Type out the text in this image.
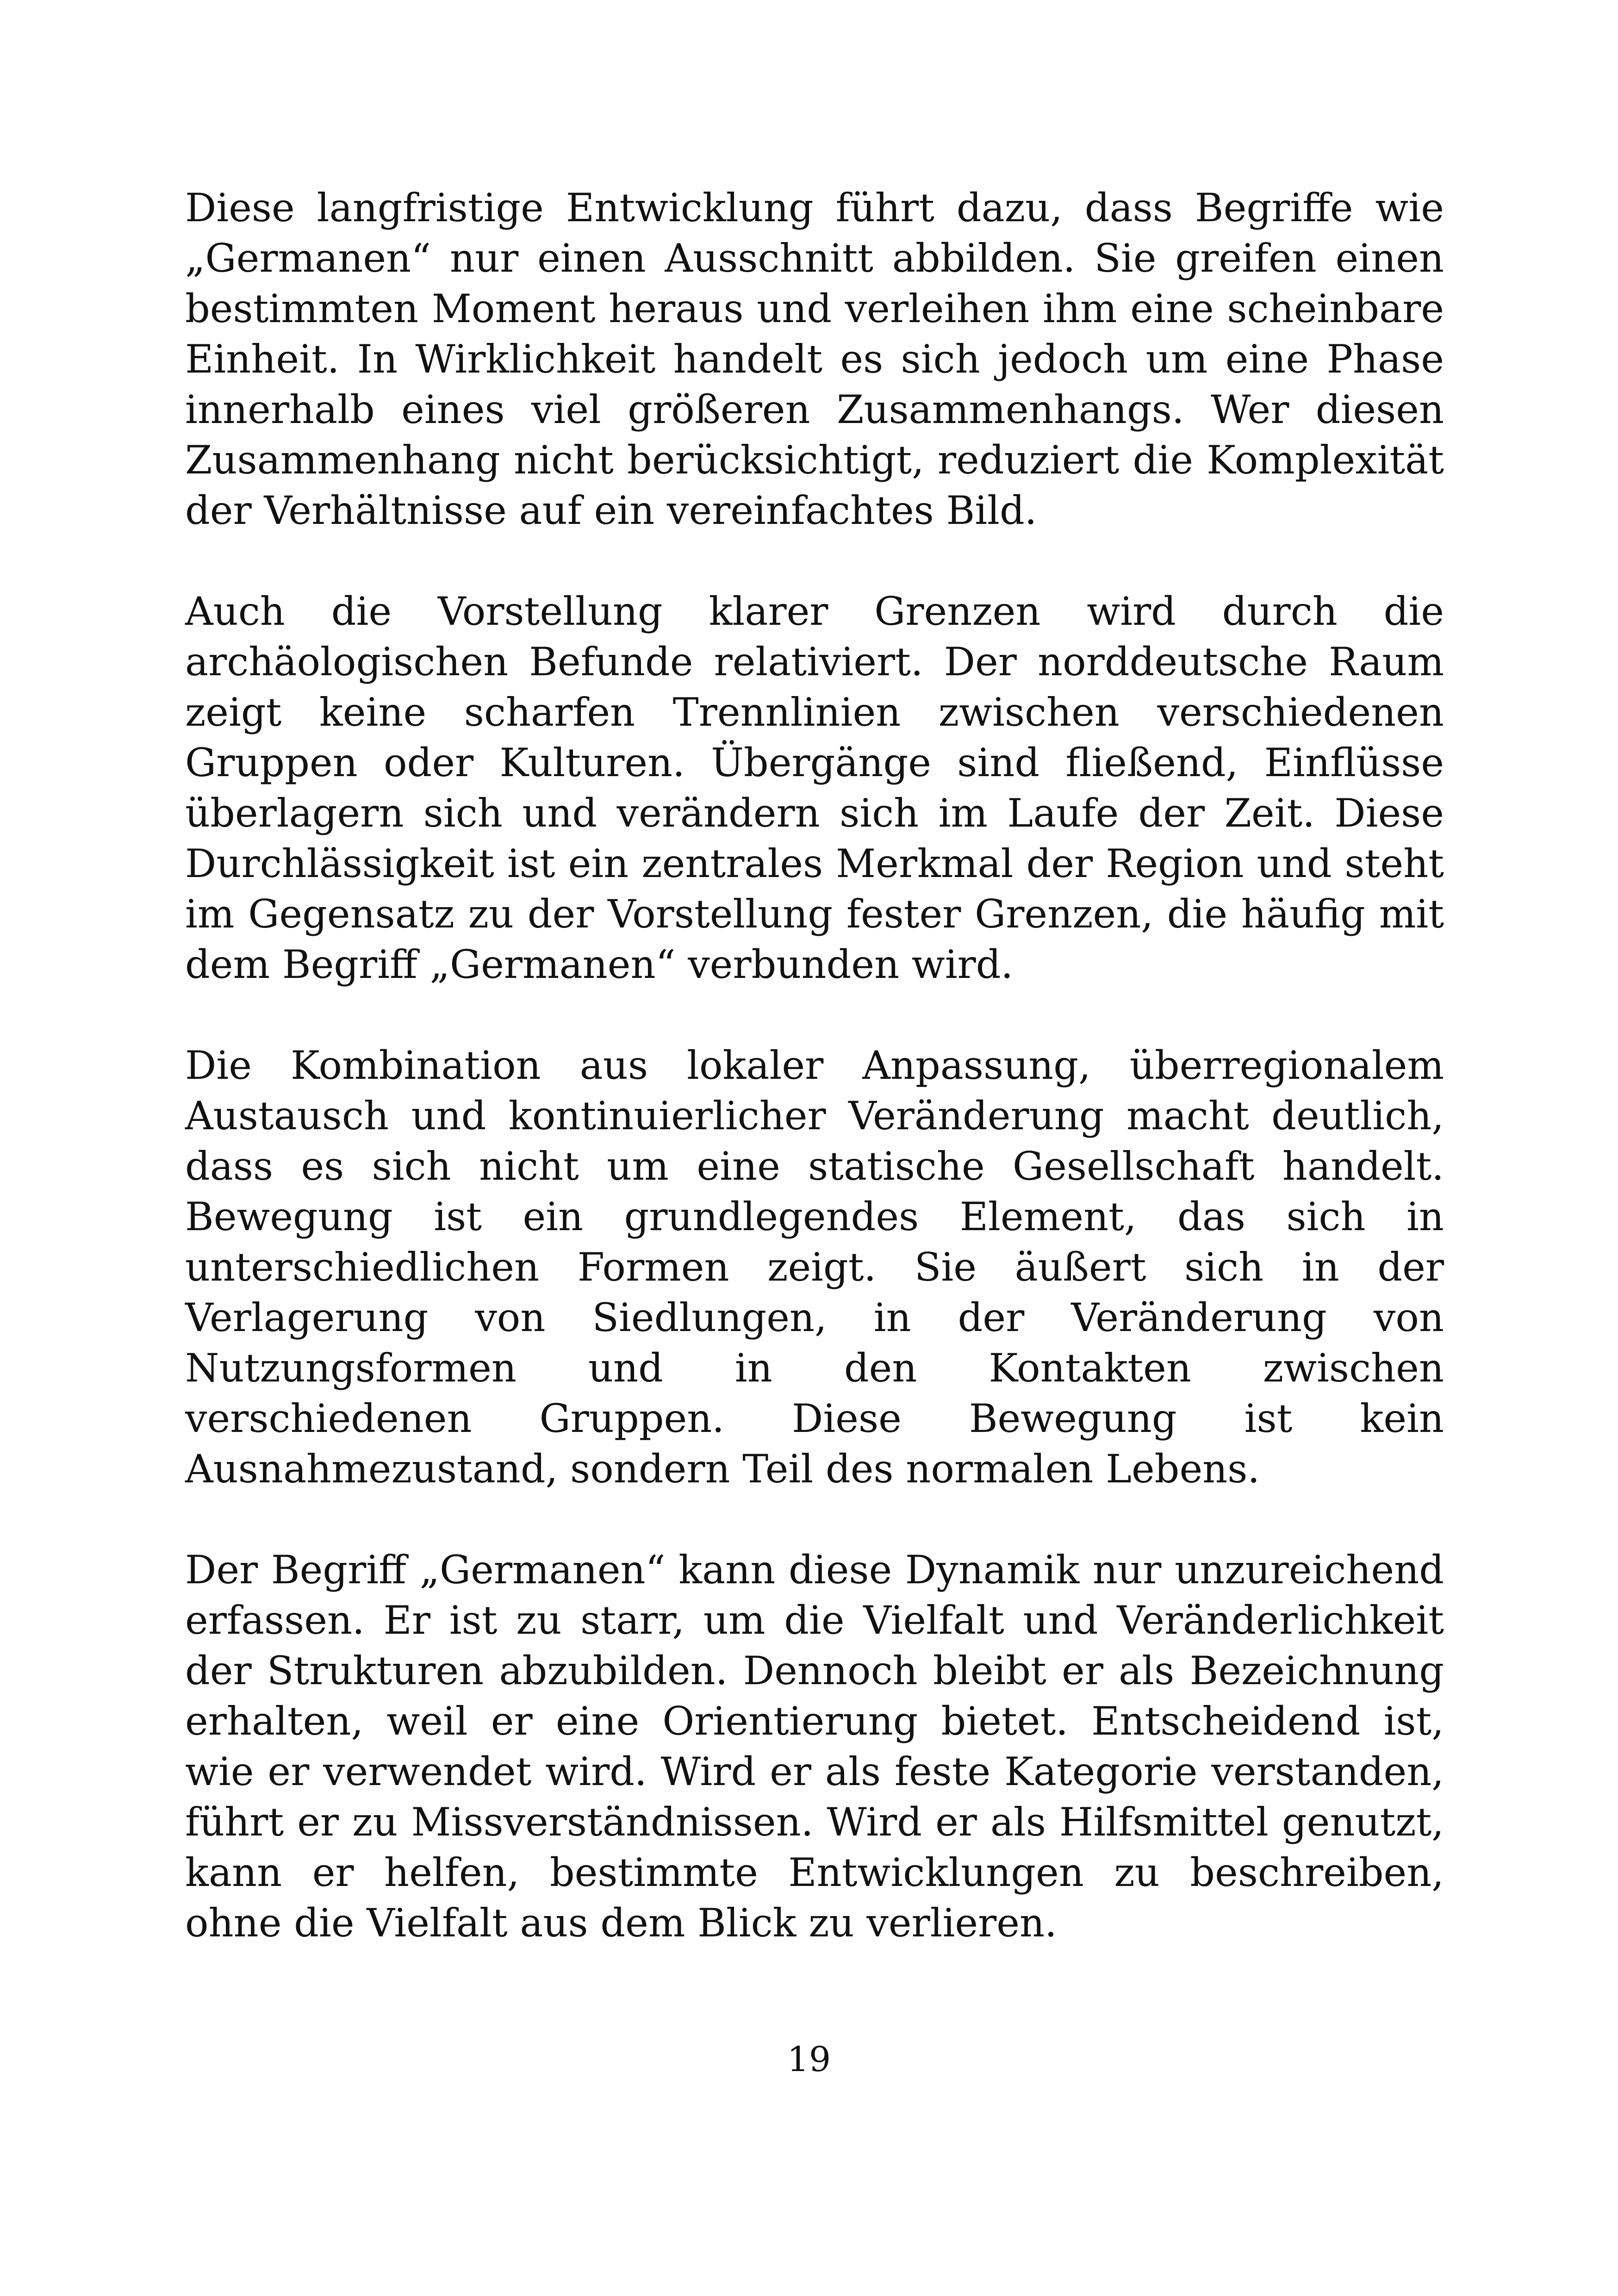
Diese langfristige Entwicklung führt dazu, dass Begriffe wie „Germanen“ nur einen Ausschnitt abbilden. Sie greifen einen bestimmten Moment heraus und verleihen ihm eine scheinbare Einheit. In Wirklichkeit handelt es sich jedoch um eine Phase innerhalb eines viel größeren Zusammenhangs. Wer diesen Zusammenhang nicht berücksichtigt, reduziert die Komplexität der Verhältnisse auf ein vereinfachtes Bild.

Auch die Vorstellung klarer Grenzen wird durch die archäologischen Befunde relativiert. Der norddeutsche Raum zeigt keine scharfen Trennlinien zwischen verschiedenen Gruppen oder Kulturen. Übergänge sind fließend, Einflüsse überlagern sich und verändern sich im Laufe der Zeit. Diese Durchlässigkeit ist ein zentrales Merkmal der Region und steht im Gegensatz zu der Vorstellung fester Grenzen, die häufig mit dem Begriff „Germanen“ verbunden wird.

Die Kombination aus lokaler Anpassung, überregionalem Austausch und kontinuierlicher Veränderung macht deutlich, dass es sich nicht um eine statische Gesellschaft handelt. Bewegung ist ein grundlegendes Element, das sich in unterschiedlichen Formen zeigt. Sie äußert sich in der Verlagerung von Siedlungen, in der Veränderung von Nutzungsformen und in den Kontakten zwischen verschiedenen Gruppen. Diese Bewegung ist kein Ausnahmezustand, sondern Teil des normalen Lebens.

Der Begriff „Germanen“ kann diese Dynamik nur unzureichend erfassen. Er ist zu starr, um die Vielfalt und Veränderlichkeit der Strukturen abzubilden. Dennoch bleibt er als Bezeichnung erhalten, weil er eine Orientierung bietet. Entscheidend ist, wie er verwendet wird. Wird er als feste Kategorie verstanden, führt er zu Missverständnissen. Wird er als Hilfsmittel genutzt, kann er helfen, bestimmte Entwicklungen zu beschreiben, ohne die Vielfalt aus dem Blick zu verlieren.

19
